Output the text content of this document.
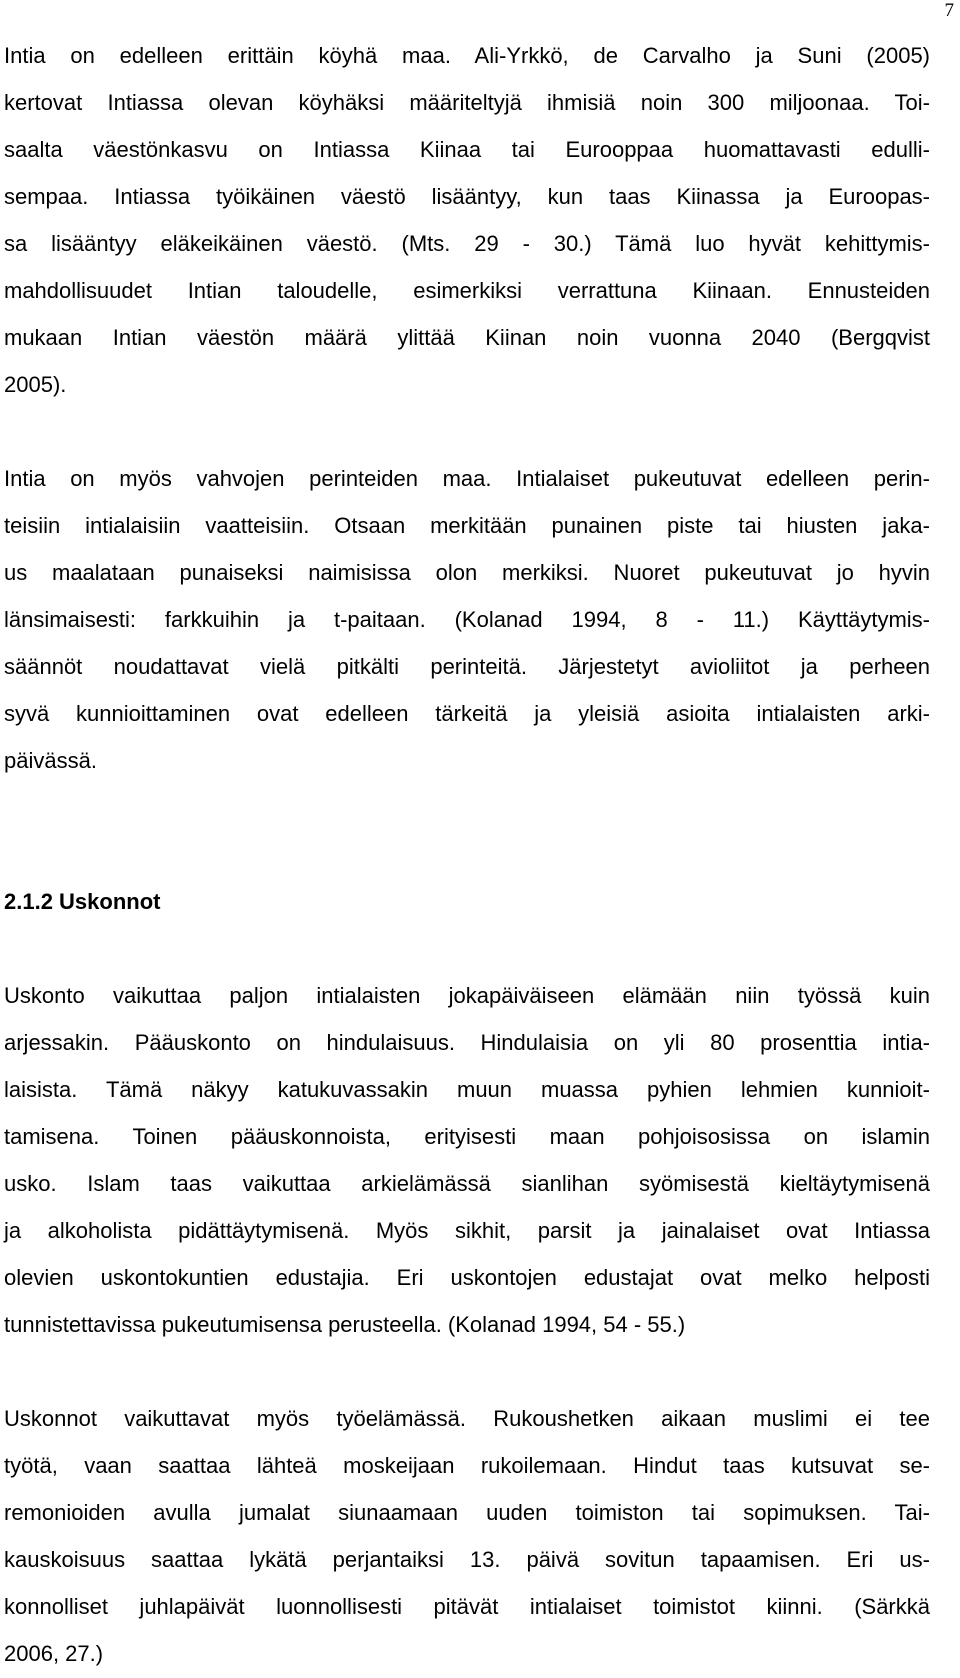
7
Intia on edelleen erittäin köyhä maa. Ali-Yrkkö, de Carvalho ja Suni (2005)
kertovat Intiassa olevan köyhäksi määriteltyjä ihmisiä noin 300 miljoonaa. Toi-
saalta väestönkasvu on Intiassa Kiinaa tai Eurooppaa huomattavasti edulli-
sempaa. Intiassa työikäinen väestö lisääntyy, kun taas Kiinassa ja Euroopas-
sa lisääntyy eläkeikäinen väestö. (Mts. 29 - 30.) Tämä luo hyvät kehittymis-
mahdollisuudet Intian taloudelle, esimerkiksi verrattuna Kiinaan. Ennusteiden
mukaan Intian väestön määrä ylittää Kiinan noin vuonna 2040 (Bergqvist
2005).
Intia on myös vahvojen perinteiden maa. Intialaiset pukeutuvat edelleen perin-
teisiin intialaisiin vaatteisiin. Otsaan merkitään punainen piste tai hiusten jaka-
us maalataan punaiseksi naimisissa olon merkiksi. Nuoret pukeutuvat jo hyvin
länsimaisesti: farkkuihin ja t-paitaan. (Kolanad 1994, 8 - 11.) Käyttäytymis-
säännöt noudattavat vielä pitkälti perinteitä. Järjestetyt avioliitot ja perheen
syvä kunnioittaminen ovat edelleen tärkeitä ja yleisiä asioita intialaisten arki-
päivässä.
2.1.2 Uskonnot
Uskonto vaikuttaa paljon intialaisten jokapäiväiseen elämään niin työssä kuin
arjessakin. Pääuskonto on hindulaisuus. Hindulaisia on yli 80 prosenttia intia-
laisista. Tämä näkyy katukuvassakin muun muassa pyhien lehmien kunnioit-
tamisena. Toinen pääuskonnoista, erityisesti maan pohjoisosissa on islamin
usko. Islam taas vaikuttaa arkielämässä sianlihan syömisestä kieltäytymisenä
ja alkoholista pidättäytymisenä. Myös sikhit, parsit ja jainalaiset ovat Intiassa
olevien uskontokuntien edustajia. Eri uskontojen edustajat ovat melko helposti
tunnistettavissa pukeutumisensa perusteella. (Kolanad 1994, 54 - 55.)
Uskonnot vaikuttavat myös työelämässä. Rukoushetken aikaan muslimi ei tee
työtä, vaan saattaa lähteä moskeijaan rukoilemaan. Hindut taas kutsuvat se-
remonioiden avulla jumalat siunaamaan uuden toimiston tai sopimuksen. Tai-
kauskoisuus saattaa lykätä perjantaiksi 13. päivä sovitun tapaamisen. Eri us-
konnolliset juhlapäivät luonnollisesti pitävät intialaiset toimistot kiinni. (Särkkä
2006, 27.)
